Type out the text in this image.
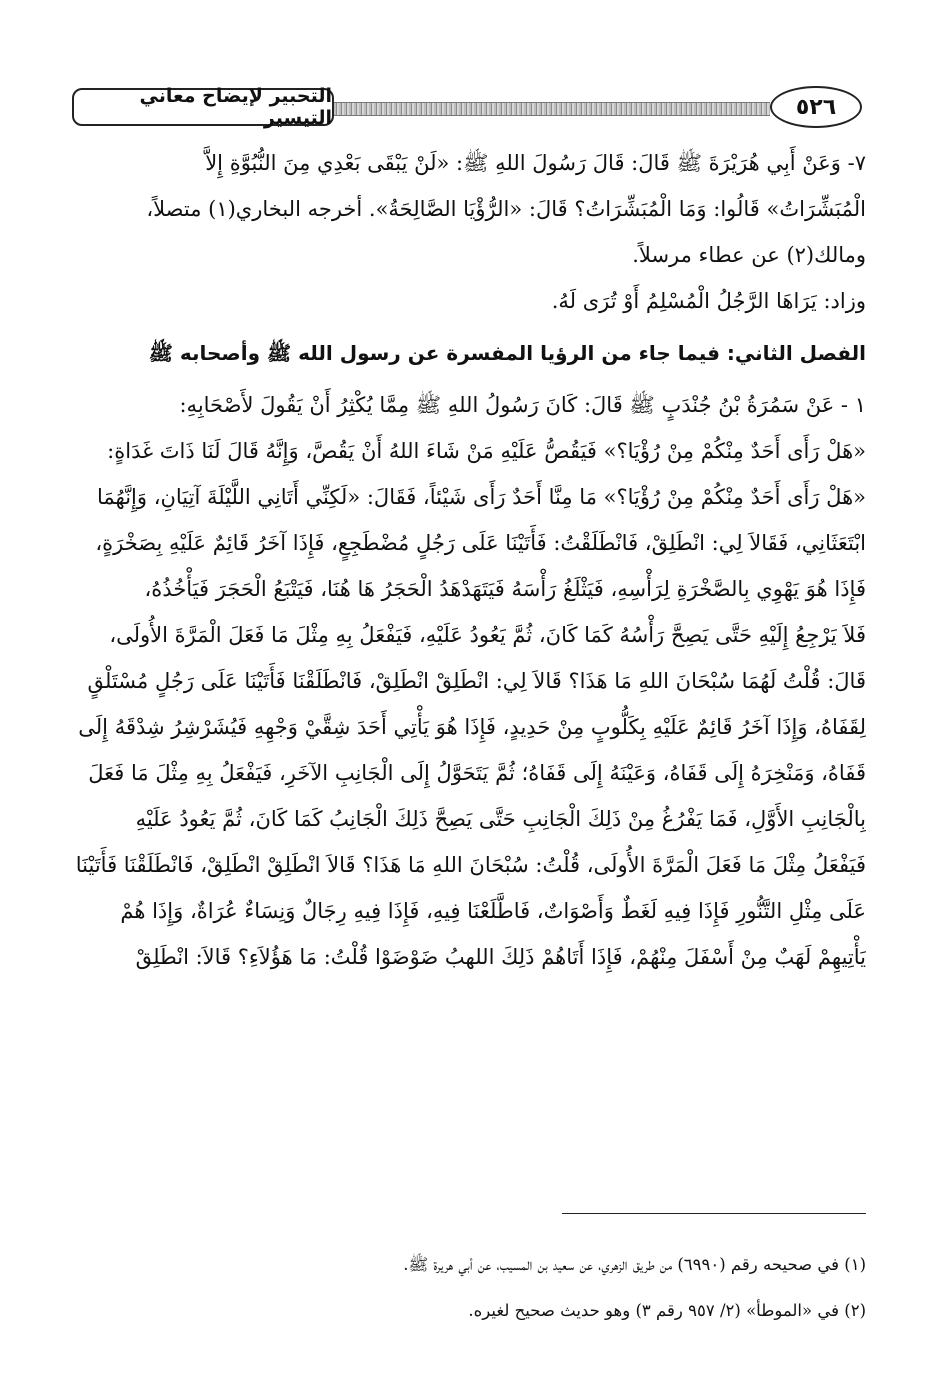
التحبير لإيضاح معاني التيسير	٥٢٦
٧- وَعَنْ أَبِي هُرَيْرَةَ ﷺ قَالَ: قَالَ رَسُولَ اللهِ ﷺ: «لَنْ يَبْقَى بَعْدِي مِنَ النُّبُوَّةِ إِلاَّ
الْمُبَشِّرَاتُ» قَالُوا: وَمَا الْمُبَشِّرَاتُ؟ قَالَ: «الرُّؤْيَا الصَّالِحَةُ». أخرجه البخاري(١) متصلاً،
ومالك(٢) عن عطاء مرسلاً.
وزاد: يَرَاهَا الرَّجُلُ الْمُسْلِمُ أَوْ تُرَى لَهُ.
الفصل الثاني: فيما جاء من الرؤيا المفسرة عن رسول الله ﷺ وأصحابه ﷺ
١ - عَنْ سَمُرَةُ بْنُ جُنْدَبٍ ﷺ قَالَ: كَانَ رَسُولُ اللهِ ﷺ مِمَّا يُكْثِرُ أَنْ يَقُولَ لأَصْحَابِهِ:
«هَلْ رَأَى أَحَدٌ مِنْكُمْ مِنْ رُؤْيَا؟» فَيَقُصُّ عَلَيْهِ مَنْ شَاءَ اللهُ أَنْ يَقُصَّ، وَإِنَّهُ قَالَ لَنَا ذَاتَ غَدَاةٍ:
«هَلْ رَأَى أَحَدٌ مِنْكُمْ مِنْ رُؤْيَا؟» مَا مِنَّا أَحَدٌ رَأَى شَيْئاً، فَقَالَ: «لَكِنِّي أَتَانِي اللَّيْلَةَ آتِيَانِ، وَإِنَّهُمَا
ابْتَعَثَانِي، فَقَالاَ لِي: انْطَلِقْ، فَانْطَلَقْتُ: فَأَتَيْنَا عَلَى رَجُلٍ مُضْطَجِعٍ، فَإِذَا آخَرُ قَائِمٌ عَلَيْهِ بِصَخْرَةٍ،
فَإِذَا هُوَ يَهْوِي بِالصَّخْرَةِ لِرَأْسِهِ، فَيَثْلَغُ رَأْسَهُ فَيَتَهَدْهَدُ الْحَجَرُ هَا هُنَا، فَيَتْبَعُ الْحَجَرَ فَيَأْخُذُهُ،
فَلاَ يَرْجِعُ إِلَيْهِ حَتَّى يَصِحَّ رَأْسُهُ كَمَا كَانَ، ثُمَّ يَعُودُ عَلَيْهِ، فَيَفْعَلُ بِهِ مِثْلَ مَا فَعَلَ الْمَرَّةَ الأُولَى،
قَالَ: قُلْتُ لَهُمَا سُبْحَانَ اللهِ مَا هَذَا؟ قَالاَ لِي: انْطَلِقْ انْطَلِقْ، فَانْطَلَقْنَا فَأَتَيْنَا عَلَى رَجُلٍ مُسْتَلْقٍ
لِقَفَاهُ، وَإِذَا آخَرُ قَائِمٌ عَلَيْهِ بِكَلُّوبٍ مِنْ حَدِيدٍ، فَإِذَا هُوَ يَأْتِي أَحَدَ شِقَّيْ وَجْهِهِ فَيُشَرْشِرُ شِدْقَهُ إِلَى
قَفَاهُ، وَمَنْخِرَهُ إِلَى قَفَاهُ، وَعَيْنَهُ إِلَى قَفَاهُ؛ ثُمَّ يَتَحَوَّلُ إِلَى الْجَانِبِ الآخَرِ، فَيَفْعَلُ بِهِ مِثْلَ مَا فَعَلَ
بِالْجَانِبِ الأَوَّلِ، فَمَا يَفْرُغُ مِنْ ذَلِكَ الْجَانِبِ حَتَّى يَصِحَّ ذَلِكَ الْجَانِبُ كَمَا كَانَ، ثُمَّ يَعُودُ عَلَيْهِ
فَيَفْعَلُ مِثْلَ مَا فَعَلَ الْمَرَّةَ الأُولَى، قُلْتُ: سُبْحَانَ اللهِ مَا هَذَا؟ قَالاَ انْطَلِقْ انْطَلِقْ، فَانْطَلَقْنَا فَأَتَيْنَا
عَلَى مِثْلِ التَّنُّورِ فَإِذَا فِيهِ لَغَطٌ وَأَصْوَاتٌ، فَاطَّلَعْنَا فِيهِ، فَإِذَا فِيهِ رِجَالٌ وَنِسَاءٌ عُرَاةٌ، وَإِذَا هُمْ
يَأْتِيهِمْ لَهَبٌ مِنْ أَسْفَلَ مِنْهُمْ، فَإِذَا أَتَاهُمْ ذَلِكَ اللهبُ ضَوْضَوْا قُلْتُ: مَا هَؤُلاَءِ؟ قَالاَ: انْطَلِقْ
(١) في صحيحه رقم (٦٩٩٠) من طريق الزهري، عن سعيد بن المسيب، عن أبي هريرة ﷺ.
(٢) في «الموطأ» (٢/ ٩٥٧ رقم ٣) وهو حديث صحيح لغيره.
